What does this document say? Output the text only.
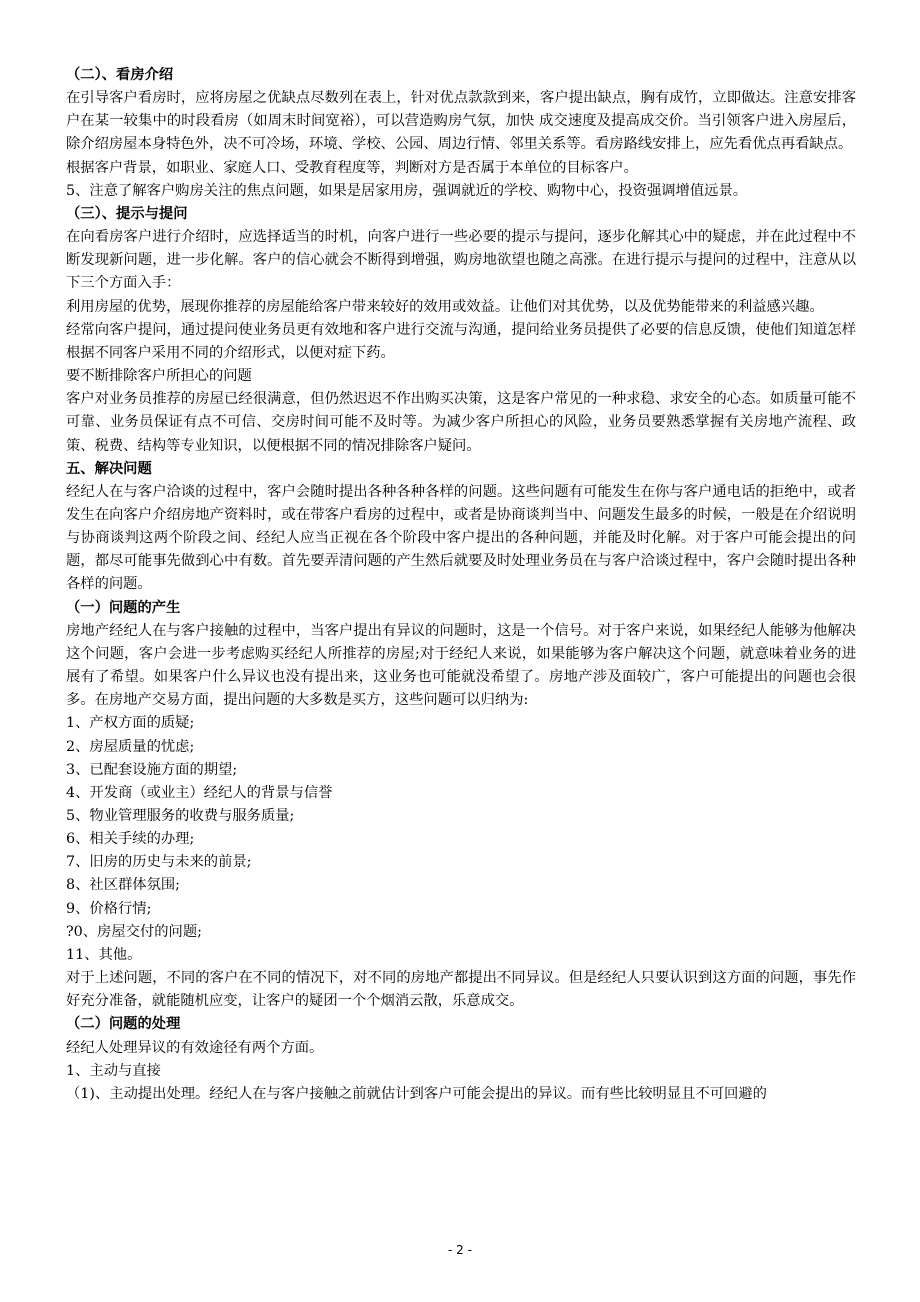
（二）、看房介绍

在引导客户看房时，应将房屋之优缺点尽数列在表上，针对优点款款到来，客户提出缺点，胸有成竹，立即做达。注意安排客户在某一较集中的时段看房（如周末时间宽裕），可以营造购房气氛，加快 成交速度及提高成交价。当引领客户进入房屋后，除介绍房屋本身特色外，决不可冷场，环境、学校、公园、周边行情、邻里关系等。看房路线安排上，应先看优点再看缺点。

根据客户背景，如职业、家庭人口、受教育程度等，判断对方是否属于本单位的目标客户。

5、注意了解客户购房关注的焦点问题，如果是居家用房，强调就近的学校、购物中心，投资强调增值远景。

（三）、提示与提问

在向看房客户进行介绍时，应选择适当的时机，向客户进行一些必要的提示与提问，逐步化解其心中的疑虑，并在此过程中不断发现新问题，进一步化解。客户的信心就会不断得到增强，购房地欲望也随之高涨。在进行提示与提问的过程中，注意从以下三个方面入手：

利用房屋的优势，展现你推荐的房屋能给客户带来较好的效用或效益。让他们对其优势，以及优势能带来的利益感兴趣。

经常向客户提问，通过提问使业务员更有效地和客户进行交流与沟通，提问给业务员提供了必要的信息反馈，使他们知道怎样根据不同客户采用不同的介绍形式，以便对症下药。

要不断排除客户所担心的问题

客户对业务员推荐的房屋已经很满意，但仍然迟迟不作出购买决策，这是客户常见的一种求稳、求安全的心态。如质量可能不可靠、业务员保证有点不可信、交房时间可能不及时等。为减少客户所担心的风险，业务员要熟悉掌握有关房地产流程、政策、税费、结构等专业知识，以便根据不同的情况排除客户疑问。

五、解决问题

经纪人在与客户洽谈的过程中，客户会随时提出各种各种各样的问题。这些问题有可能发生在你与客户通电话的拒绝中，或者发生在向客户介绍房地产资料时，或在带客户看房的过程中，或者是协商谈判当中、问题发生最多的时候，一般是在介绍说明与协商谈判这两个阶段之间、经纪人应当正视在各个阶段中客户提出的各种问题，并能及时化解。对于客户可能会提出的问题，都尽可能事先做到心中有数。首先要弄清问题的产生然后就要及时处理业务员在与客户洽谈过程中，客户会随时提出各种各样的问题。

（一）问题的产生

房地产经纪人在与客户接触的过程中，当客户提出有异议的问题时，这是一个信号。对于客户来说，如果经纪人能够为他解决这个问题，客户会进一步考虑购买经纪人所推荐的房屋;对于经纪人来说，如果能够为客户解决这个问题，就意味着业务的进展有了希望。如果客户什么异议也没有提出来，这业务也可能就没希望了。房地产涉及面较广，客户可能提出的问题也会很多。在房地产交易方面，提出问题的大多数是买方，这些问题可以归纳为:

1、产权方面的质疑;

2、房屋质量的忧虑;

3、已配套设施方面的期望;

4、开发商（或业主）经纪人的背景与信誉

5、物业管理服务的收费与服务质量;

6、相关手续的办理;

7、旧房的历史与未来的前景;

8、社区群体氛围;

9、价格行情;

?0、房屋交付的问题;

11、其他。

对于上述问题，不同的客户在不同的情况下，对不同的房地产都提出不同异议。但是经纪人只要认识到这方面的问题，事先作好充分准备，就能随机应变，让客户的疑团一个个烟消云散，乐意成交。

（二）问题的处理

经纪人处理异议的有效途径有两个方面。

1、主动与直接

（1)、主动提出处理。经纪人在与客户接触之前就估计到客户可能会提出的异议。而有些比较明显且不可回避的

- 2 -
